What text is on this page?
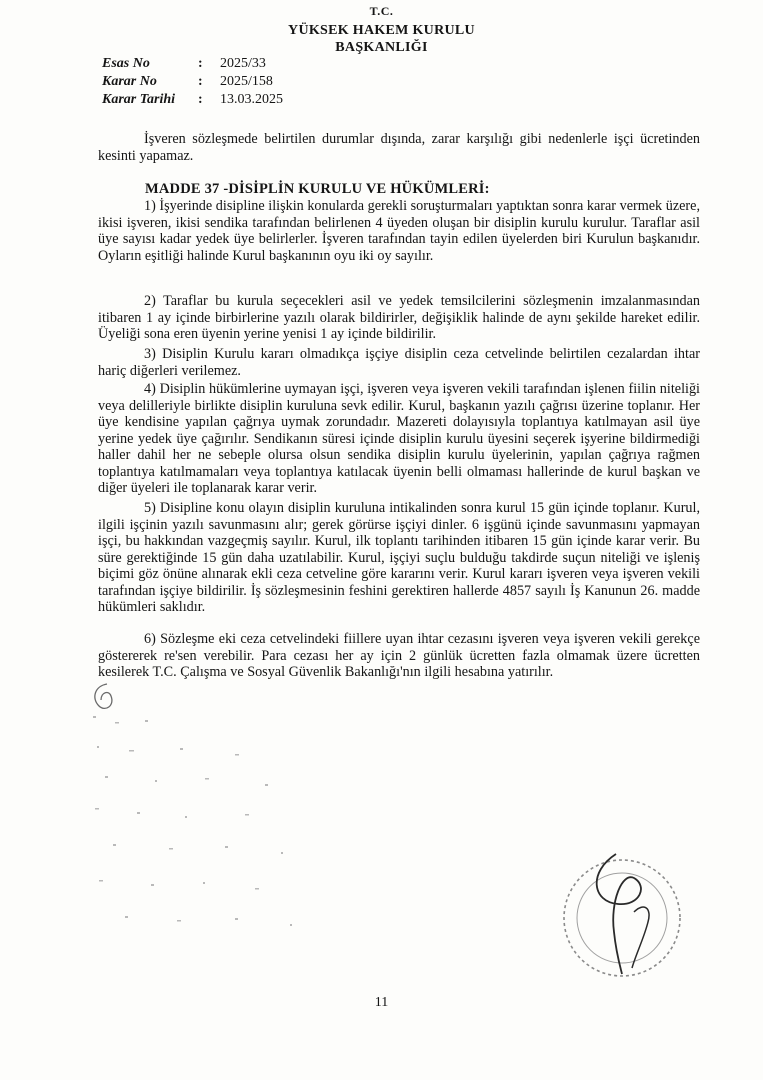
T.C.
YÜKSEK HAKEM KURULU
BAŞKANLIĞI
Esas No	:	2025/33
Karar No	:	2025/158
Karar Tarihi	:	13.03.2025

İşveren sözleşmede belirtilen durumlar dışında, zarar karşılığı gibi nedenlerle işçi ücretinden kesinti yapamaz.

MADDE 37 -DİSİPLİN KURULU VE HÜKÜMLERİ:

1) İşyerinde disipline ilişkin konularda gerekli soruşturmaları yaptıktan sonra karar vermek üzere, ikisi işveren, ikisi sendika tarafından belirlenen 4 üyeden oluşan bir disiplin kurulu kurulur. Taraflar asil üye sayısı kadar yedek üye belirlerler. İşveren tarafından tayin edilen üyelerden biri Kurulun başkanıdır. Oyların eşitliği halinde Kurul başkanının oyu iki oy sayılır.

2) Taraflar bu kurula seçecekleri asil ve yedek temsilcilerini sözleşmenin imzalanmasından itibaren 1 ay içinde birbirlerine yazılı olarak bildirirler, değişiklik halinde de aynı şekilde hareket edilir. Üyeliği sona eren üyenin yerine yenisi 1 ay içinde bildirilir.

3) Disiplin Kurulu kararı olmadıkça işçiye disiplin ceza cetvelinde belirtilen cezalardan ihtar hariç diğerleri verilemez.

4) Disiplin hükümlerine uymayan işçi, işveren veya işveren vekili tarafından işlenen fiilin niteliği veya delilleriyle birlikte disiplin kuruluna sevk edilir. Kurul, başkanın yazılı çağrısı üzerine toplanır. Her üye kendisine yapılan çağrıya uymak zorundadır. Mazereti dolayısıyla toplantıya katılmayan asil üye yerine yedek üye çağırılır. Sendikanın süresi içinde disiplin kurulu üyesini seçerek işyerine bildirmediği haller dahil her ne sebeple olursa olsun sendika disiplin kurulu üyelerinin, yapılan çağrıya rağmen toplantıya katılmamaları veya toplantıya katılacak üyenin belli olmaması hallerinde de kurul başkan ve diğer üyeleri ile toplanarak karar verir.

5) Disipline konu olayın disiplin kuruluna intikalinden sonra kurul 15 gün içinde toplanır. Kurul, ilgili işçinin yazılı savunmasını alır; gerek görürse işçiyi dinler. 6 işgünü içinde savunmasını yapmayan işçi, bu hakkından vazgeçmiş sayılır. Kurul, ilk toplantı tarihinden itibaren 15 gün içinde karar verir. Bu süre gerektiğinde 15 gün daha uzatılabilir. Kurul, işçiyi suçlu bulduğu takdirde suçun niteliği ve işleniş biçimi göz önüne alınarak ekli ceza cetveline göre kararını verir. Kurul kararı işveren veya işveren vekili tarafından işçiye bildirilir. İş sözleşmesinin feshini gerektiren hallerde 4857 sayılı İş Kanunun 26. madde hükümleri saklıdır.

6) Sözleşme eki ceza cetvelindeki fiillere uyan ihtar cezasını işveren veya işveren vekili gerekçe göstererek re'sen verebilir. Para cezası her ay için 2 günlük ücretten fazla olmamak üzere ücretten kesilerek T.C. Çalışma ve Sosyal Güvenlik Bakanlığı'nın ilgili hesabına yatırılır.

11
